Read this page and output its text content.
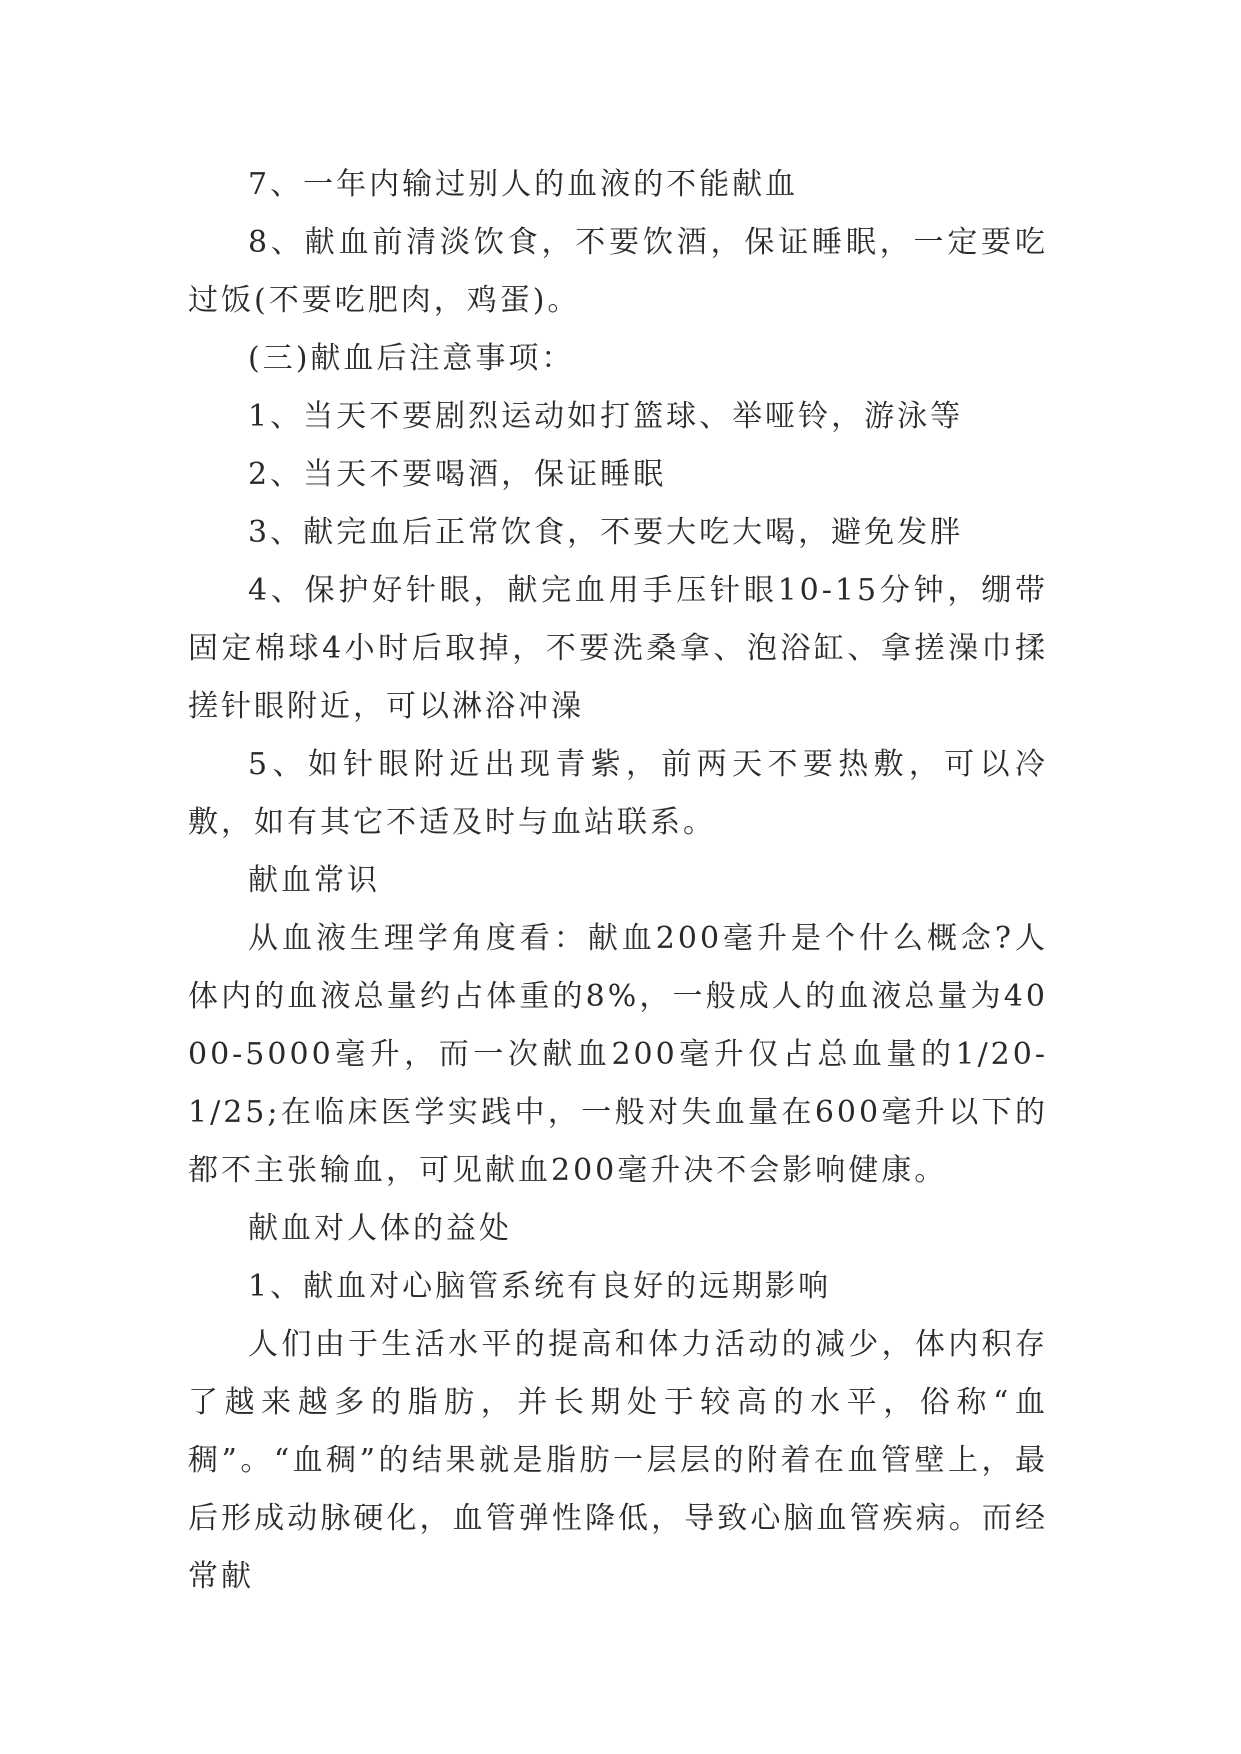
7、一年内输过别人的血液的不能献血

8、献血前清淡饮食，不要饮酒，保证睡眠，一定要吃过饭(不要吃肥肉，鸡蛋)。

(三)献血后注意事项：

1、当天不要剧烈运动如打篮球、举哑铃，游泳等

2、当天不要喝酒，保证睡眠

3、献完血后正常饮食，不要大吃大喝，避免发胖

4、保护好针眼，献完血用手压针眼10-15分钟，绷带固定棉球4小时后取掉，不要洗桑拿、泡浴缸、拿搓澡巾揉搓针眼附近，可以淋浴冲澡

5、如针眼附近出现青紫，前两天不要热敷，可以冷敷，如有其它不适及时与血站联系。

献血常识

从血液生理学角度看：献血200毫升是个什么概念?人体内的血液总量约占体重的8%，一般成人的血液总量为4000-5000毫升，而一次献血200毫升仅占总血量的1/20-1/25;在临床医学实践中，一般对失血量在600毫升以下的都不主张输血，可见献血200毫升决不会影响健康。

献血对人体的益处

1、献血对心脑管系统有良好的远期影响

人们由于生活水平的提高和体力活动的减少，体内积存了越来越多的脂肪，并长期处于较高的水平，俗称“血稠”。“血稠”的结果就是脂肪一层层的附着在血管壁上，最后形成动脉硬化，血管弹性降低，导致心脑血管疾病。而经常献
